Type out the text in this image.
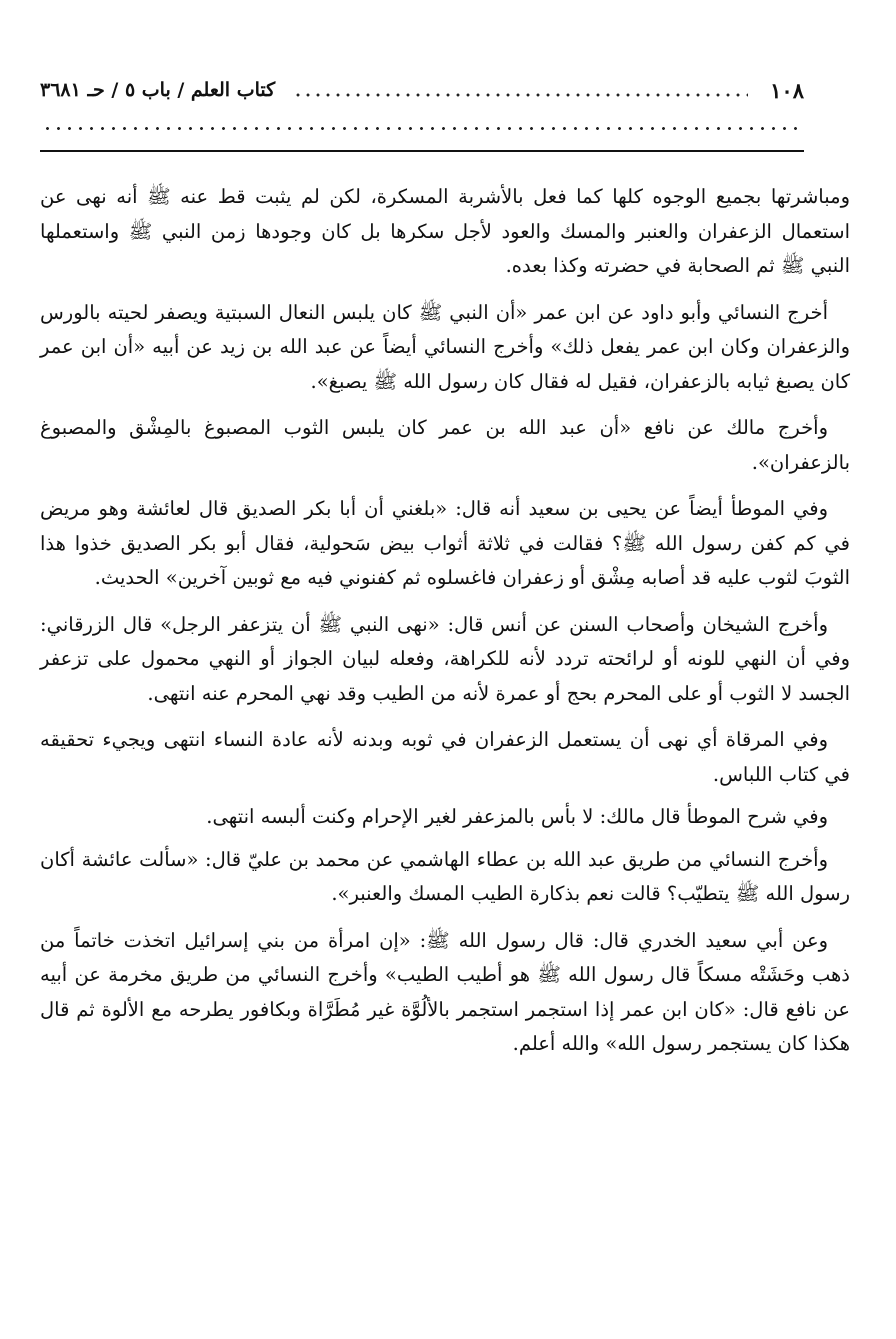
١٠٨
كتاب العلم / باب ٥ / حـ ٣٦٨١

ومباشرتها بجميع الوجوه كلها كما فعل بالأشربة المسكرة، لكن لم يثبت قط عنه ﷺ أنه نهى عن استعمال الزعفران والعنبر والمسك والعود لأجل سكرها بل كان وجودها زمن النبي ﷺ واستعملها النبي ﷺ ثم الصحابة في حضرته وكذا بعده.

أخرج النسائي وأبو داود عن ابن عمر «أن النبي ﷺ كان يلبس النعال السبتية ويصفر لحيته بالورس والزعفران وكان ابن عمر يفعل ذلك» وأخرج النسائي أيضاً عن عبد الله بن زيد عن أبيه «أن ابن عمر كان يصبغ ثيابه بالزعفران، فقيل له فقال كان رسول الله ﷺ يصبغ».

وأخرج مالك عن نافع «أن عبد الله بن عمر كان يلبس الثوب المصبوغ بالمِشْق والمصبوغ بالزعفران».

وفي الموطأ أيضاً عن يحيى بن سعيد أنه قال: «بلغني أن أبا بكر الصديق قال لعائشة وهو مريض في كم كفن رسول الله ﷺ؟ فقالت في ثلاثة أثواب بيض سَحولية، فقال أبو بكر الصديق خذوا هذا الثوبَ لثوب عليه قد أصابه مِشْق أو زعفران فاغسلوه ثم كفنوني فيه مع ثوبين آخرين» الحديث.

وأخرج الشيخان وأصحاب السنن عن أنس قال: «نهى النبي ﷺ أن يتزعفر الرجل» قال الزرقاني: وفي أن النهي للونه أو لرائحته تردد لأنه للكراهة، وفعله لبيان الجواز أو النهي محمول على تزعفر الجسد لا الثوب أو على المحرم بحج أو عمرة لأنه من الطيب وقد نهي المحرم عنه انتهى.

وفي المرقاة أي نهى أن يستعمل الزعفران في ثوبه وبدنه لأنه عادة النساء انتهى ويجيء تحقيقه في كتاب اللباس.

وفي شرح الموطأ قال مالك: لا بأس بالمزعفر لغير الإحرام وكنت ألبسه انتهى.

وأخرج النسائي من طريق عبد الله بن عطاء الهاشمي عن محمد بن عليّ قال: «سألت عائشة أكان رسول الله ﷺ يتطيّب؟ قالت نعم بذكارة الطيب المسك والعنبر».

وعن أبي سعيد الخدري قال: قال رسول الله ﷺ: «إن امرأة من بني إسرائيل اتخذت خاتماً من ذهب وحَشَتْه مسكاً قال رسول الله ﷺ هو أطيب الطيب» وأخرج النسائي من طريق مخرمة عن أبيه عن نافع قال: «كان ابن عمر إذا استجمر استجمر بالألُوَّة غير مُطَرَّاة وبكافور يطرحه مع الألوة ثم قال هكذا كان يستجمر رسول الله» والله أعلم.
